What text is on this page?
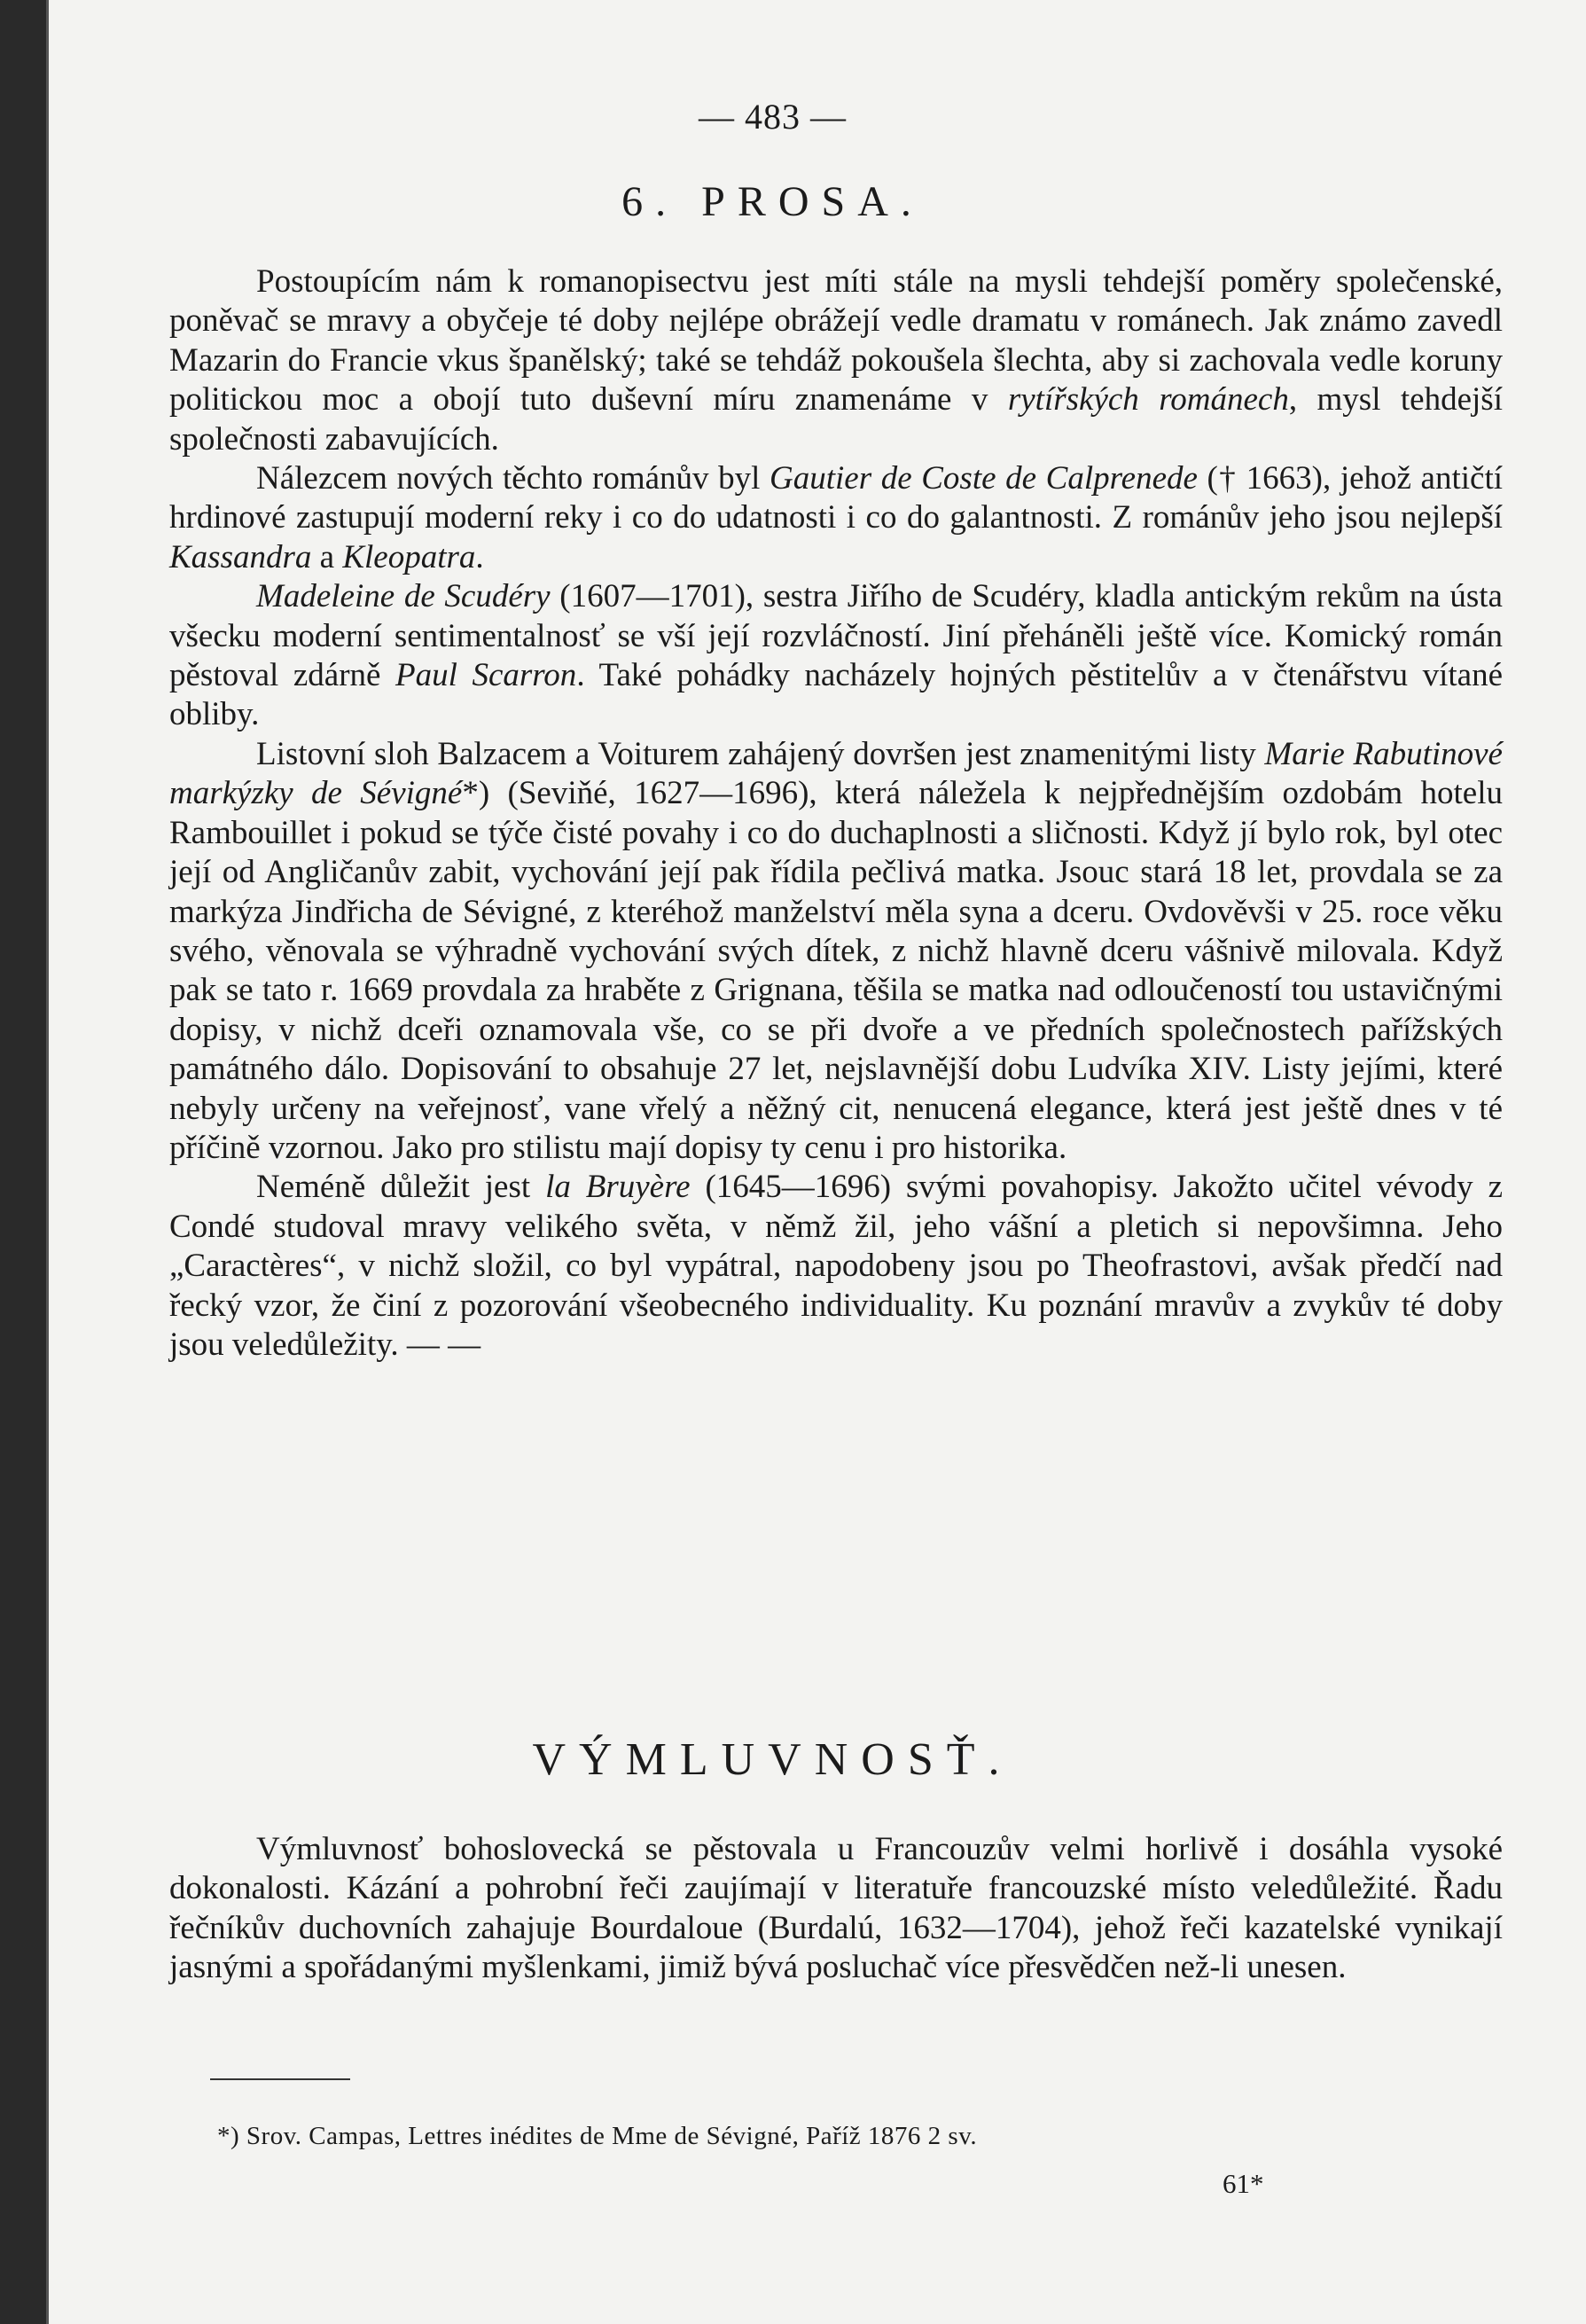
— 483 —
6. PROSA.

Postoupícím nám k romanopisectvu jest míti stále na mysli tehdejší poměry společenské, poněvač se mravy a obyčeje té doby nejlépe obrážejí vedle dramatu v románech. Jak známo zavedl Mazarin do Francie vkus španělský; také se tehdáž pokoušela šlechta, aby si zachovala vedle koruny politickou moc a obojí tuto duševní míru znamenáme v rytířských románech, mysl tehdejší společnosti zabavujících.

Nálezcem nových těchto románův byl Gautier de Coste de Calprenede († 1663), jehož antičtí hrdinové zastupují moderní reky i co do udatnosti i co do galantnosti. Z románův jeho jsou nejlepší Kassandra a Kleopatra.

Madeleine de Scudéry (1607—1701), sestra Jiřího de Scudéry, kladla antickým rekům na ústa všecku moderní sentimentalnosť se vší její rozvláčností. Jiní přeháněli ještě více. Komický román pěstoval zdárně Paul Scarron. Také pohádky nacházely hojných pěstitelův a v čtenářstvu vítané obliby.

Listovní sloh Balzacem a Voiturem zahájený dovršen jest znamenitými listy Marie Rabutinové markýzky de Sévigné*) (Seviňé, 1627—1696), která náležela k nejpřednějším ozdobám hotelu Rambouillet i pokud se týče čisté povahy i co do duchaplnosti a sličnosti. Když jí bylo rok, byl otec její od Angličanův zabit, vychování její pak řídila pečlivá matka. Jsouc stará 18 let, provdala se za markýza Jindřicha de Sévigné, z kteréhož manželství měla syna a dceru. Ovdověvši v 25. roce věku svého, věnovala se výhradně vychování svých dítek, z nichž hlavně dceru vášnivě milovala. Když pak se tato r. 1669 provdala za hraběte z Grignana, těšila se matka nad odloučeností tou ustavičnými dopisy, v nichž dceři oznamovala vše, co se při dvoře a ve předních společnostech pařížských památného dálo. Dopisování to obsahuje 27 let, nejslavnější dobu Ludvíka XIV. Listy jejími, které nebyly určeny na veřejnosť, vane vřelý a něžný cit, nenucená elegance, která jest ještě dnes v té příčině vzornou. Jako pro stilistu mají dopisy ty cenu i pro historika.

Neméně důležit jest la Bruyère (1645—1696) svými povahopisy. Jakožto učitel vévody z Condé studoval mravy velikého světa, v němž žil, jeho vášní a pletich si nepovšimna. Jeho „Caractères“, v nichž složil, co byl vypátral, napodobeny jsou po Theofrastovi, avšak předčí nad řecký vzor, že činí z pozorování všeobecného individuality. Ku poznání mravův a zvykův té doby jsou veledůležity. — —

VÝMLUVNOSŤ.

Výmluvnosť bohoslovecká se pěstovala u Francouzův velmi horlivě i dosáhla vysoké dokonalosti. Kázání a pohrobní řeči zaujímají v literatuře francouzské místo veledůležité. Řadu řečníkův duchovních zahajuje Bourdaloue (Burdalú, 1632—1704), jehož řeči kazatelské vynikají jasnými a spořádanými myšlenkami, jimiž bývá posluchač více přesvědčen než-li unesen.

*) Srov. Campas, Lettres inédites de Mme de Sévigné, Paříž 1876 2 sv.
61*
